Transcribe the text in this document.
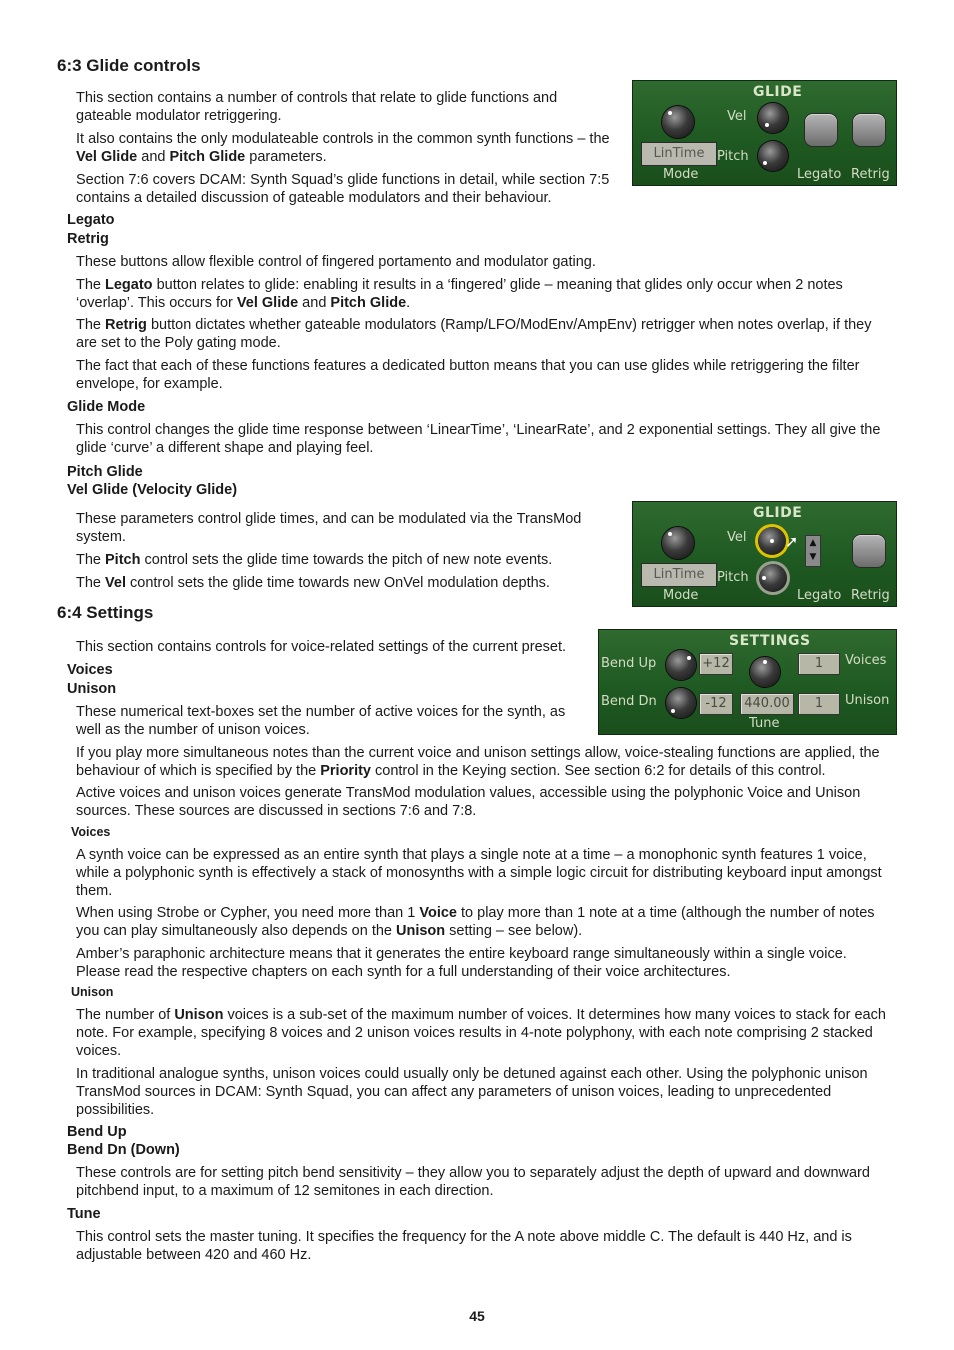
6:3 Glide controls

This section contains a number of controls that relate to glide functions and gateable modulator retriggering.

It also contains the only modulateable controls in the common synth functions – the Vel Glide and Pitch Glide parameters.

Section 7:6 covers DCAM: Synth Squad’s glide functions in detail, while section 7:5 contains a detailed discussion of gateable modulators and their behaviour.

GLIDE
Vel
LinTime Pitch
Mode	Legato Retrig
Legato
Retrig

These buttons allow flexible control of fingered portamento and modulator gating.

The Legato button relates to glide: enabling it results in a ‘fingered’ glide – meaning that glides only occur when 2 notes ‘overlap’. This occurs for Vel Glide and Pitch Glide.

The Retrig button dictates whether gateable modulators (Ramp/LFO/ModEnv/AmpEnv) retrigger when notes overlap, if they are set to the Poly gating mode.

The fact that each of these functions features a dedicated button means that you can use glides while retriggering the filter envelope, for example.

Glide Mode

This control changes the glide time response between ‘LinearTime’, ‘LinearRate’, and 2 exponential settings. They all give the glide ‘curve’ a different shape and playing feel.

Pitch Glide
Vel Glide (Velocity Glide)

These parameters control glide times, and can be modulated via the TransMod system.

The Pitch control sets the glide time towards the pitch of new note events.

The Vel control sets the glide time towards new OnVel modulation depths.

GLIDE
Vel ➚	▲
▼
LinTime Pitch
Mode	Legato Retrig
6:4 Settings

This section contains controls for voice-related settings of the current preset.	SETTINGS
Bend Up	+12	1	Voices
Bend Dn	-12	440.00
Tune
1	Unison
Voices
Unison

These numerical text-boxes set the number of active voices for the synth, as well as the number of unison voices.

If you play more simultaneous notes than the current voice and unison settings allow, voice-stealing functions are applied, the behaviour of which is specified by the Priority control in the Keying section. See section 6:2 for details of this control.

Active voices and unison voices generate TransMod modulation values, accessible using the polyphonic Voice and Unison sources. These sources are discussed in sections 7:6 and 7:8.

Voices

A synth voice can be expressed as an entire synth that plays a single note at a time – a monophonic synth features 1 voice, while a polyphonic synth is effectively a stack of monosynths with a simple logic circuit for distributing keyboard input amongst them.

When using Strobe or Cypher, you need more than 1 Voice to play more than 1 note at a time (although the number of notes you can play simultaneously also depends on the Unison setting – see below).

Amber’s paraphonic architecture means that it generates the entire keyboard range simultaneously within a single voice. Please read the respective chapters on each synth for a full understanding of their voice architectures.

Unison

The number of Unison voices is a sub-set of the maximum number of voices. It determines how many voices to stack for each note. For example, specifying 8 voices and 2 unison voices results in 4-note polyphony, with each note comprising 2 stacked voices.

In traditional analogue synths, unison voices could usually only be detuned against each other. Using the polyphonic unison TransMod sources in DCAM: Synth Squad, you can affect any parameters of unison voices, leading to unprecedented possibilities.

Bend Up
Bend Dn (Down)

These controls are for setting pitch bend sensitivity – they allow you to separately adjust the depth of upward and downward pitchbend input, to a maximum of 12 semitones in each direction.

Tune

This control sets the master tuning. It specifies the frequency for the A note above middle C. The default is 440 Hz, and is adjustable between 420 and 460 Hz.

45
